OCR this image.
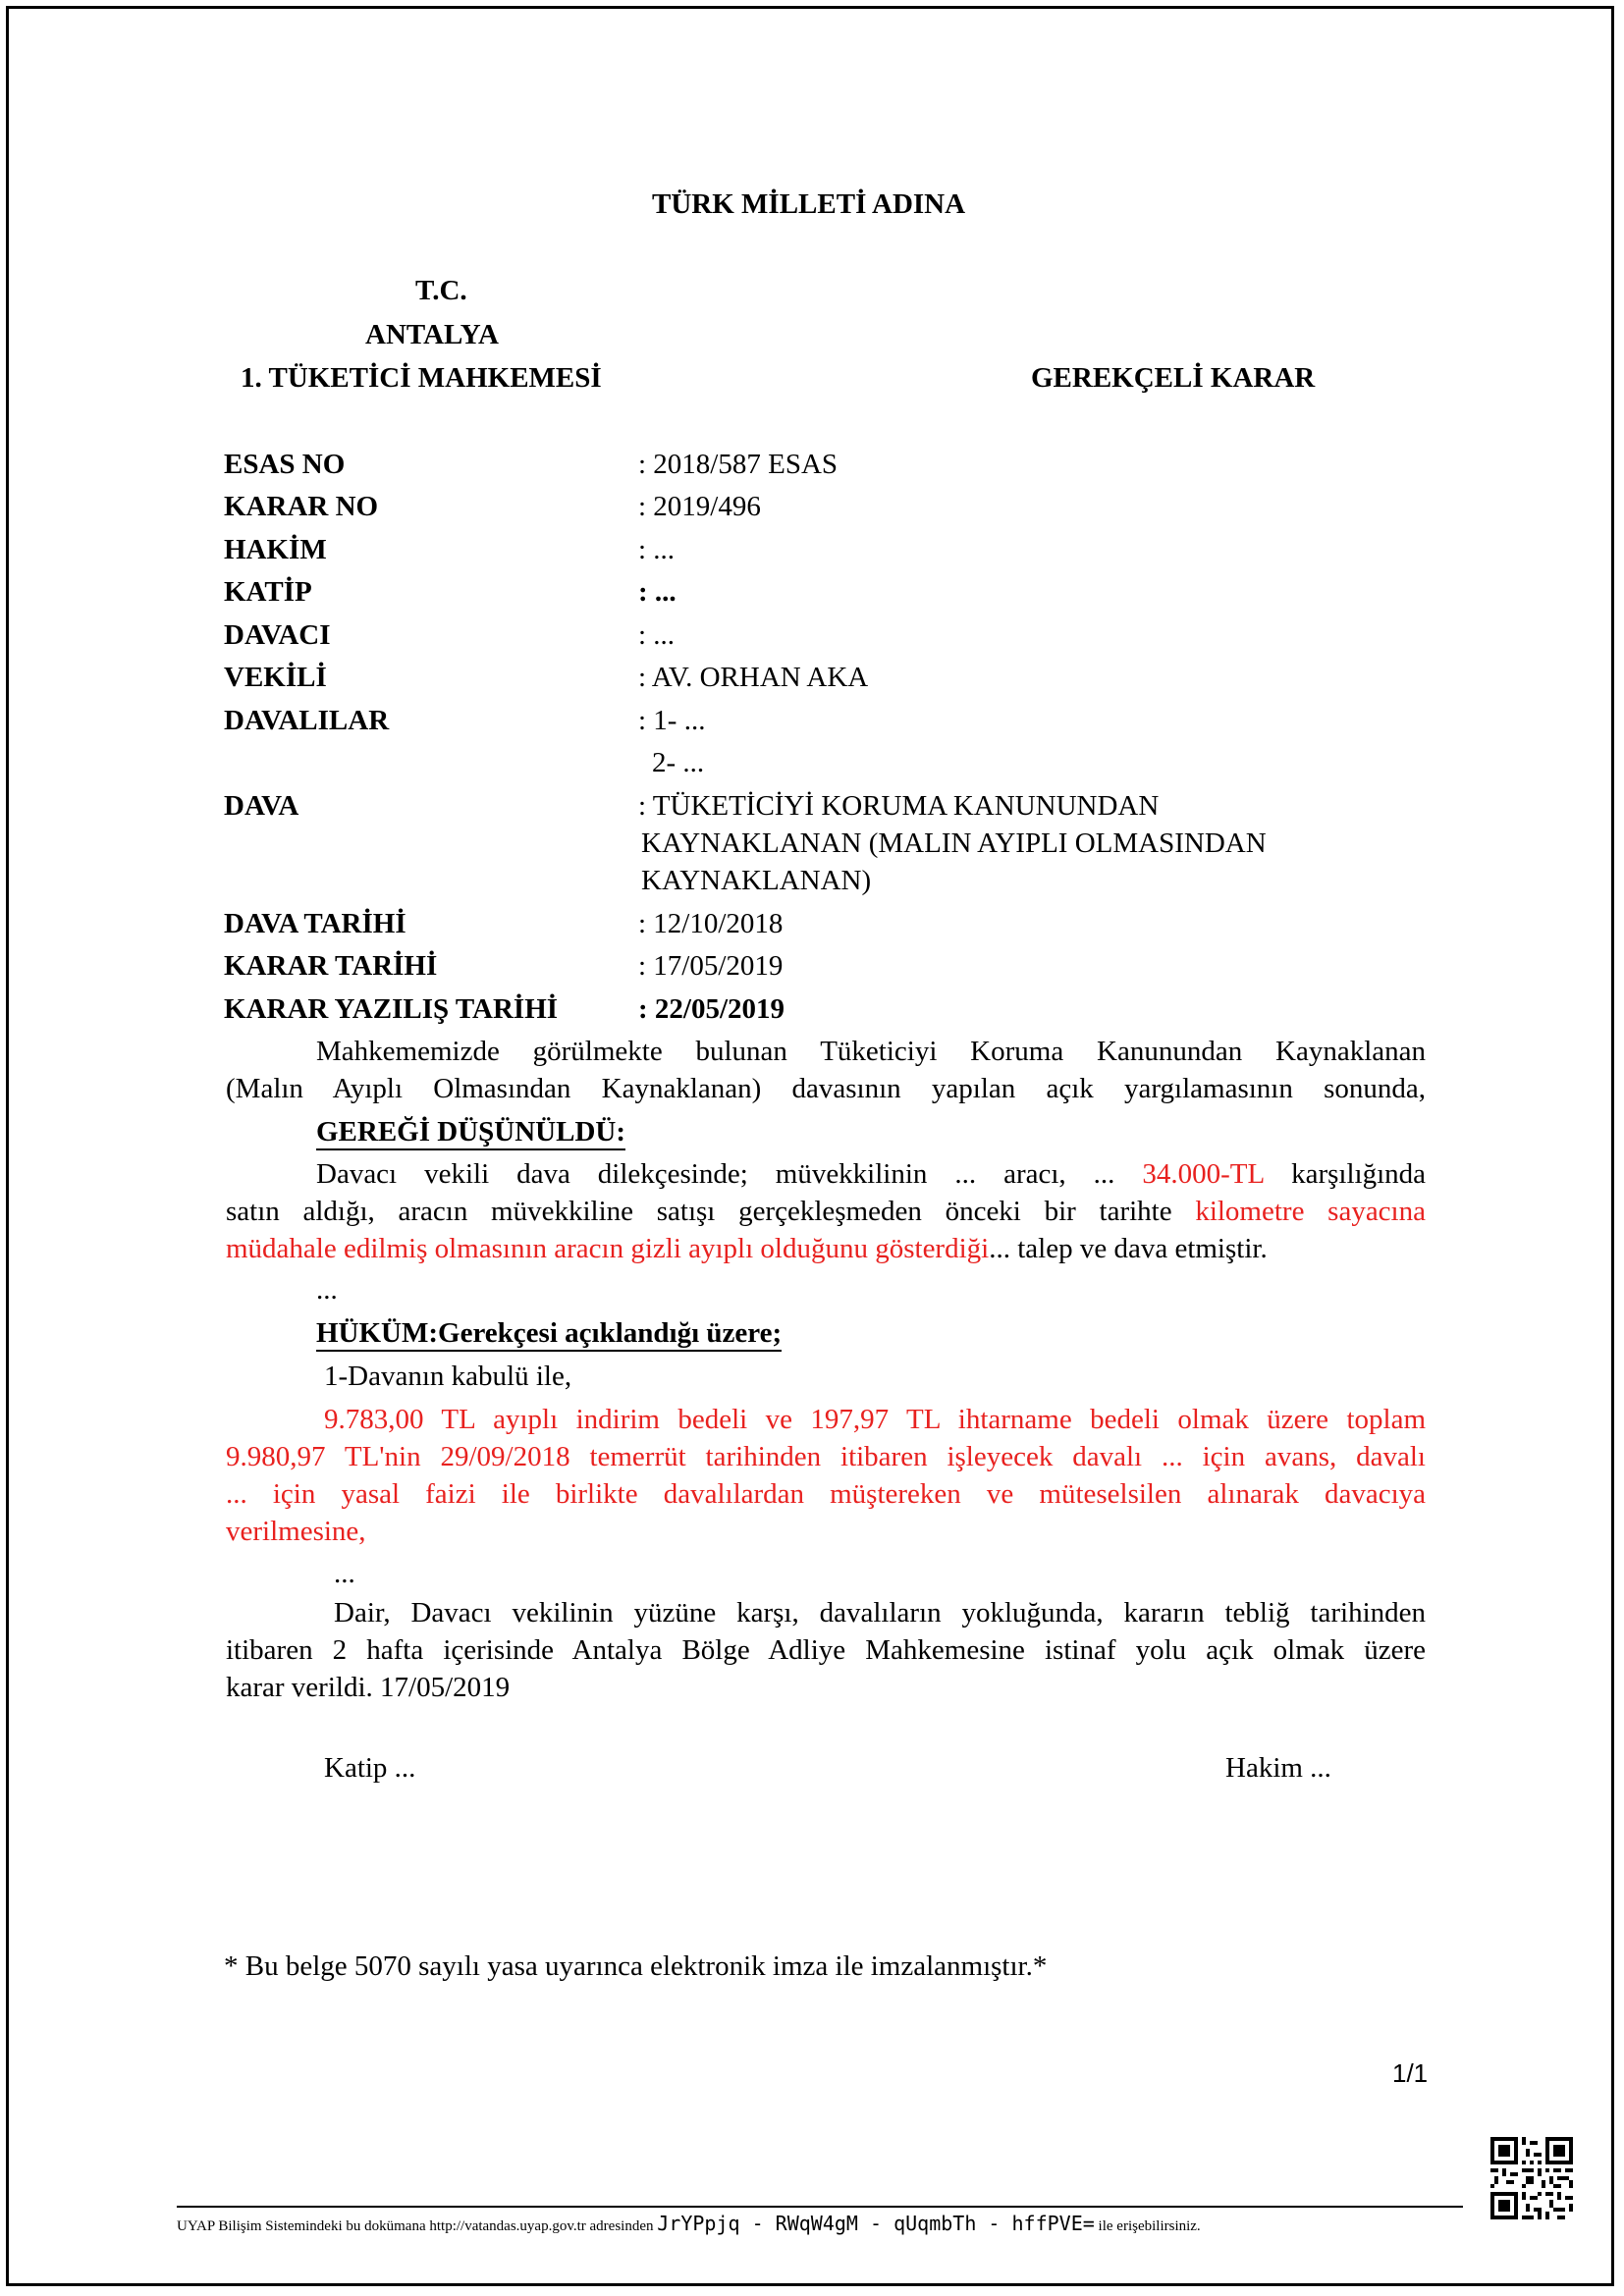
TÜRK MİLLETİ ADINA
T.C.
ANTALYA
1. TÜKETİCİ MAHKEMESİ	GEREKÇELİ KARAR
ESAS NO	: 2018/587 ESAS
KARAR NO	: 2019/496
HAKİM	: ...
KATİP	: ...
DAVACI	: ...
VEKİLİ	: AV. ORHAN AKA
DAVALILAR	: 1- ...
2- ...
DAVA	: TÜKETİCİYİ KORUMA KANUNUNDAN
KAYNAKLANAN (MALIN AYIPLI OLMASINDAN
KAYNAKLANAN)
DAVA TARİHİ	: 12/10/2018
KARAR TARİHİ	: 17/05/2019
KARAR YAZILIŞ TARİHİ	: 22/05/2019
Mahkememizde görülmekte bulunan Tüketiciyi Koruma Kanunundan Kaynaklanan
(Malın Ayıplı Olmasından Kaynaklanan) davasının yapılan açık yargılamasının sonunda,
GEREĞİ DÜŞÜNÜLDÜ:
Davacı vekili dava dilekçesinde; müvekkilinin ... aracı, ... 34.000-TL karşılığında
satın aldığı, aracın müvekkiline satışı gerçekleşmeden önceki bir tarihte kilometre sayacına
müdahale edilmiş olmasının aracın gizli ayıplı olduğunu gösterdiği... talep ve dava etmiştir.
...
HÜKÜM:Gerekçesi açıklandığı üzere;
1-Davanın kabulü ile,
9.783,00 TL ayıplı indirim bedeli ve 197,97 TL ihtarname bedeli olmak üzere toplam
9.980,97 TL'nin 29/09/2018 temerrüt tarihinden itibaren işleyecek davalı ... için avans, davalı
... için yasal faizi ile birlikte davalılardan müştereken ve müteselsilen alınarak davacıya
verilmesine,
...
Dair, Davacı vekilinin yüzüne karşı, davalıların yokluğunda, kararın tebliğ tarihinden
itibaren 2 hafta içerisinde Antalya Bölge Adliye Mahkemesine istinaf yolu açık olmak üzere
karar verildi. 17/05/2019
Katip ...	Hakim ...
* Bu belge 5070 sayılı yasa uyarınca elektronik imza ile imzalanmıştır.*
1/1
UYAP Bilişim Sistemindeki bu dokümana http://vatandas.uyap.gov.tr adresinden JrYPpjq - RWqW4gM - qUqmbTh - hffPVE= ile erişebilirsiniz.
